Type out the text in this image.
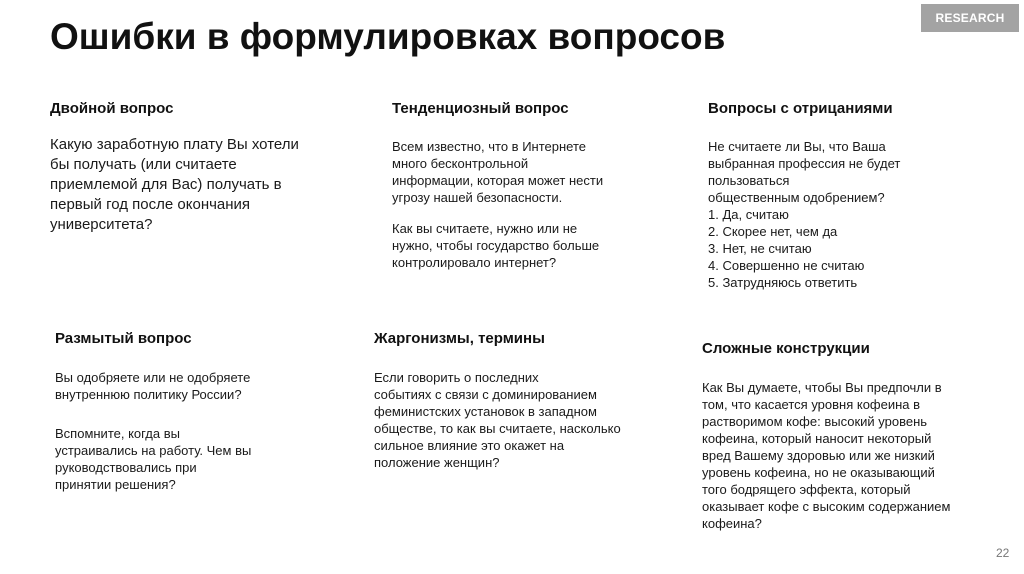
RESEARCH
Ошибки в формулировках вопросов
Двойной вопрос

Какую заработную плату Вы хотели
бы получать (или считаете
приемлемой для Вас) получать в
первый год после окончания
университета?

Тенденциозный вопрос

Всем известно, что в Интернете
много бесконтрольной
информации, которая может нести
угрозу нашей безопасности.

Как вы считаете, нужно или не
нужно, чтобы государство больше
контролировало интернет?

Вопросы с отрицаниями

Не считаете ли Вы, что Ваша
выбранная профессия не будет
пользоваться
общественным одобрением?
1. Да, считаю
2. Скорее нет, чем да
3. Нет, не считаю
4. Совершенно не считаю
5. Затрудняюсь ответить

Размытый вопрос

Вы одобряете или не одобряете
внутреннюю политику России?

Вспомните, когда вы
устраивались на работу. Чем вы
руководствовались при
принятии решения?

Жаргонизмы, термины

Если говорить о последних
событиях с связи с доминированием
феминистских установок в западном
обществе, то как вы считаете, насколько
сильное влияние это окажет на
положение женщин?

Сложные конструкции

Как Вы думаете, чтобы Вы предпочли в
том, что касается уровня кофеина в
растворимом кофе: высокий уровень
кофеина, который наносит некоторый
вред Вашему здоровью или же низкий
уровень кофеина, но не оказывающий
того бодрящего эффекта, который
оказывает кофе с высоким содержанием
кофеина?

22
